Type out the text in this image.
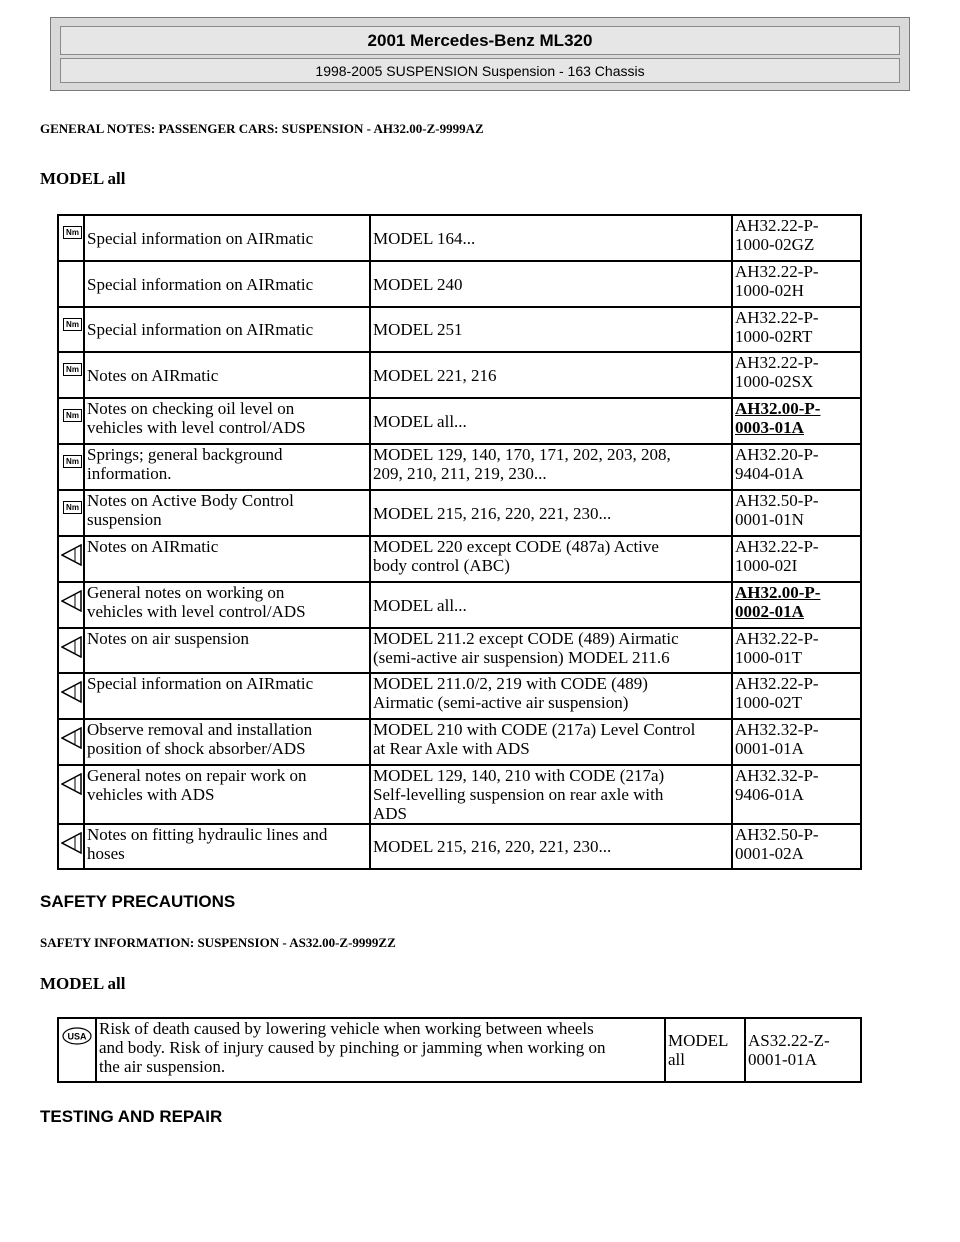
2001 Mercedes-Benz ML320
1998-2005 SUSPENSION Suspension - 163 Chassis
GENERAL NOTES: PASSENGER CARS: SUSPENSION - AH32.00-Z-9999AZ
MODEL all
Nm	Special information on AIRmatic	MODEL 164...	AH32.22-P-
1000-02GZ
	Special information on AIRmatic	MODEL 240	AH32.22-P-
1000-02H

Nm	Special information on AIRmatic	MODEL 251	AH32.22-P-
1000-02RT

Nm	Notes on AIRmatic	MODEL 221, 216	AH32.22-P-
1000-02SX

Nm	Notes on checking oil level on
vehicles with level control/ADS	MODEL all...	AH32.00-P-
0003-01A

Nm	Springs; general background
information.	MODEL 129, 140, 170, 171, 202, 203, 208,
209, 210, 211, 219, 230...	AH32.20-P-
9404-01A

Nm	Notes on Active Body Control
suspension	MODEL 215, 216, 220, 221, 230...	AH32.50-P-
0001-01N

	Notes on AIRmatic	MODEL 220 except CODE (487a) Active
body control (ABC)	AH32.22-P-
1000-02I

	General notes on working on
vehicles with level control/ADS	MODEL all...	AH32.00-P-
0002-01A

	Notes on air suspension	MODEL 211.2 except CODE (489) Airmatic
(semi-active air suspension) MODEL 211.6	AH32.22-P-
1000-01T

	Special information on AIRmatic	MODEL 211.0/2, 219 with CODE (489)
Airmatic (semi-active air suspension)	AH32.22-P-
1000-02T

	Observe removal and installation
position of shock absorber/ADS	MODEL 210 with CODE (217a) Level Control
at Rear Axle with ADS	AH32.32-P-
0001-01A

	General notes on repair work on
vehicles with ADS	MODEL 129, 140, 210 with CODE (217a)
Self-levelling suspension on rear axle with
ADS	AH32.32-P-
9406-01A

	Notes on fitting hydraulic lines and
hoses	MODEL 215, 216, 220, 221, 230...	AH32.50-P-
0001-02A
SAFETY PRECAUTIONS
SAFETY INFORMATION: SUSPENSION - AS32.00-Z-9999ZZ
MODEL all
USA	Risk of death caused by lowering vehicle when working between wheels
and body. Risk of injury caused by pinching or jamming when working on
the air suspension.	MODEL
all	AS32.22-Z-
0001-01A
TESTING AND REPAIR
